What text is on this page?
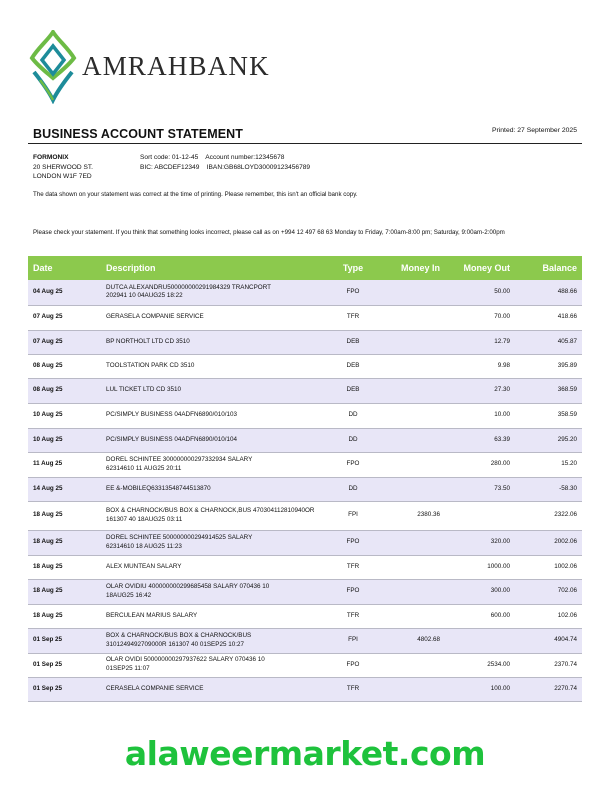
AMRAHBANK
BUSINESS ACCOUNT STATEMENT	Printed: 27 September 2025
FORMONIX
20 SHERWOOD ST.
LONDON W1F 7ED
Sort code: 01-12-45    Account number:12345678
BIC: ABCDEF12349    IBAN:GB68LOYD30009123456789
The data shown on your statement was correct at the time of printing. Please remember, this isn't an official bank copy.
Please check your statement. If you think that something looks incorrect, please call as on +994 12 497 68 63 Monday to Friday, 7:00am-8:00 pm; Saturday, 9:00am-2:00pm
Date	Description	Type	Money In	Money Out	Balance
04 Aug 25	DUTCA ALEXANDRU500000000291984329 TRANCPORT
202941 10 04AUG25 18:22	FPO		50.00	488.66
07 Aug 25	GERASELA COMPANIE SERVICE	TFR		70.00	418.66
07 Aug 25	BP NORTHOLT LTD CD 3510	DEB		12.79	405.87
08 Aug 25	TOOLSTATION PARK CD 3510	DEB		9.98	395.89
08 Aug 25	LUL TICKET LTD CD 3510	DEB		27.30	368.59
10 Aug 25	PC/SIMPLY BUSINESS 04ADFN6890/010/103	DD		10.00	358.59
10 Aug 25	PC/SIMPLY BUSINESS 04ADFN6890/010/104	DD		63.39	295.20
11 Aug 25	DOREL SCHINTEE 300000000297332934 SALARY
62314610 11 AUG25 20:11	FPO		280.00	15.20
14 Aug 25	EE &-MOBILEQ63313548744513870	DD		73.50	-58.30
18 Aug 25	BOX & CHARNOCK/BUS BOX & CHARNOCK,BUS 470304112810940OR
161307 40 18AUG25 03:11	FPI	2380.36		2322.06
18 Aug 25	DOREL SCHINTEE 500000000294914525 SALARY
62314610 18 AUG25 11:23	FPO		320.00	2002.06
18 Aug 25	ALEX MUNTEAN SALARY	TFR		1000.00	1002.06
18 Aug 25	OLAR OVIDIU 400000000299685458 SALARY 070436 10
18AUG25 16:42	FPO		300.00	702.06
18 Aug 25	BERCULEAN MARIUS SALARY	TFR		600.00	102.06
01 Sep 25	BOX & CHARNOCK/BUS BOX & CHARNOCK/BUS
3101249492709000R 161307 40 01SEP25 10:27	FPI	4802.68		4904.74
01 Sep 25	OLAR OVIDI 500000000297937622 SALARY 070436 10
01SEP25 11:07	FPO		2534.00	2370.74
01 Sep 25	CERASELA COMPANIE SERVICE	TFR		100.00	2270.74
alaweermarket.com
